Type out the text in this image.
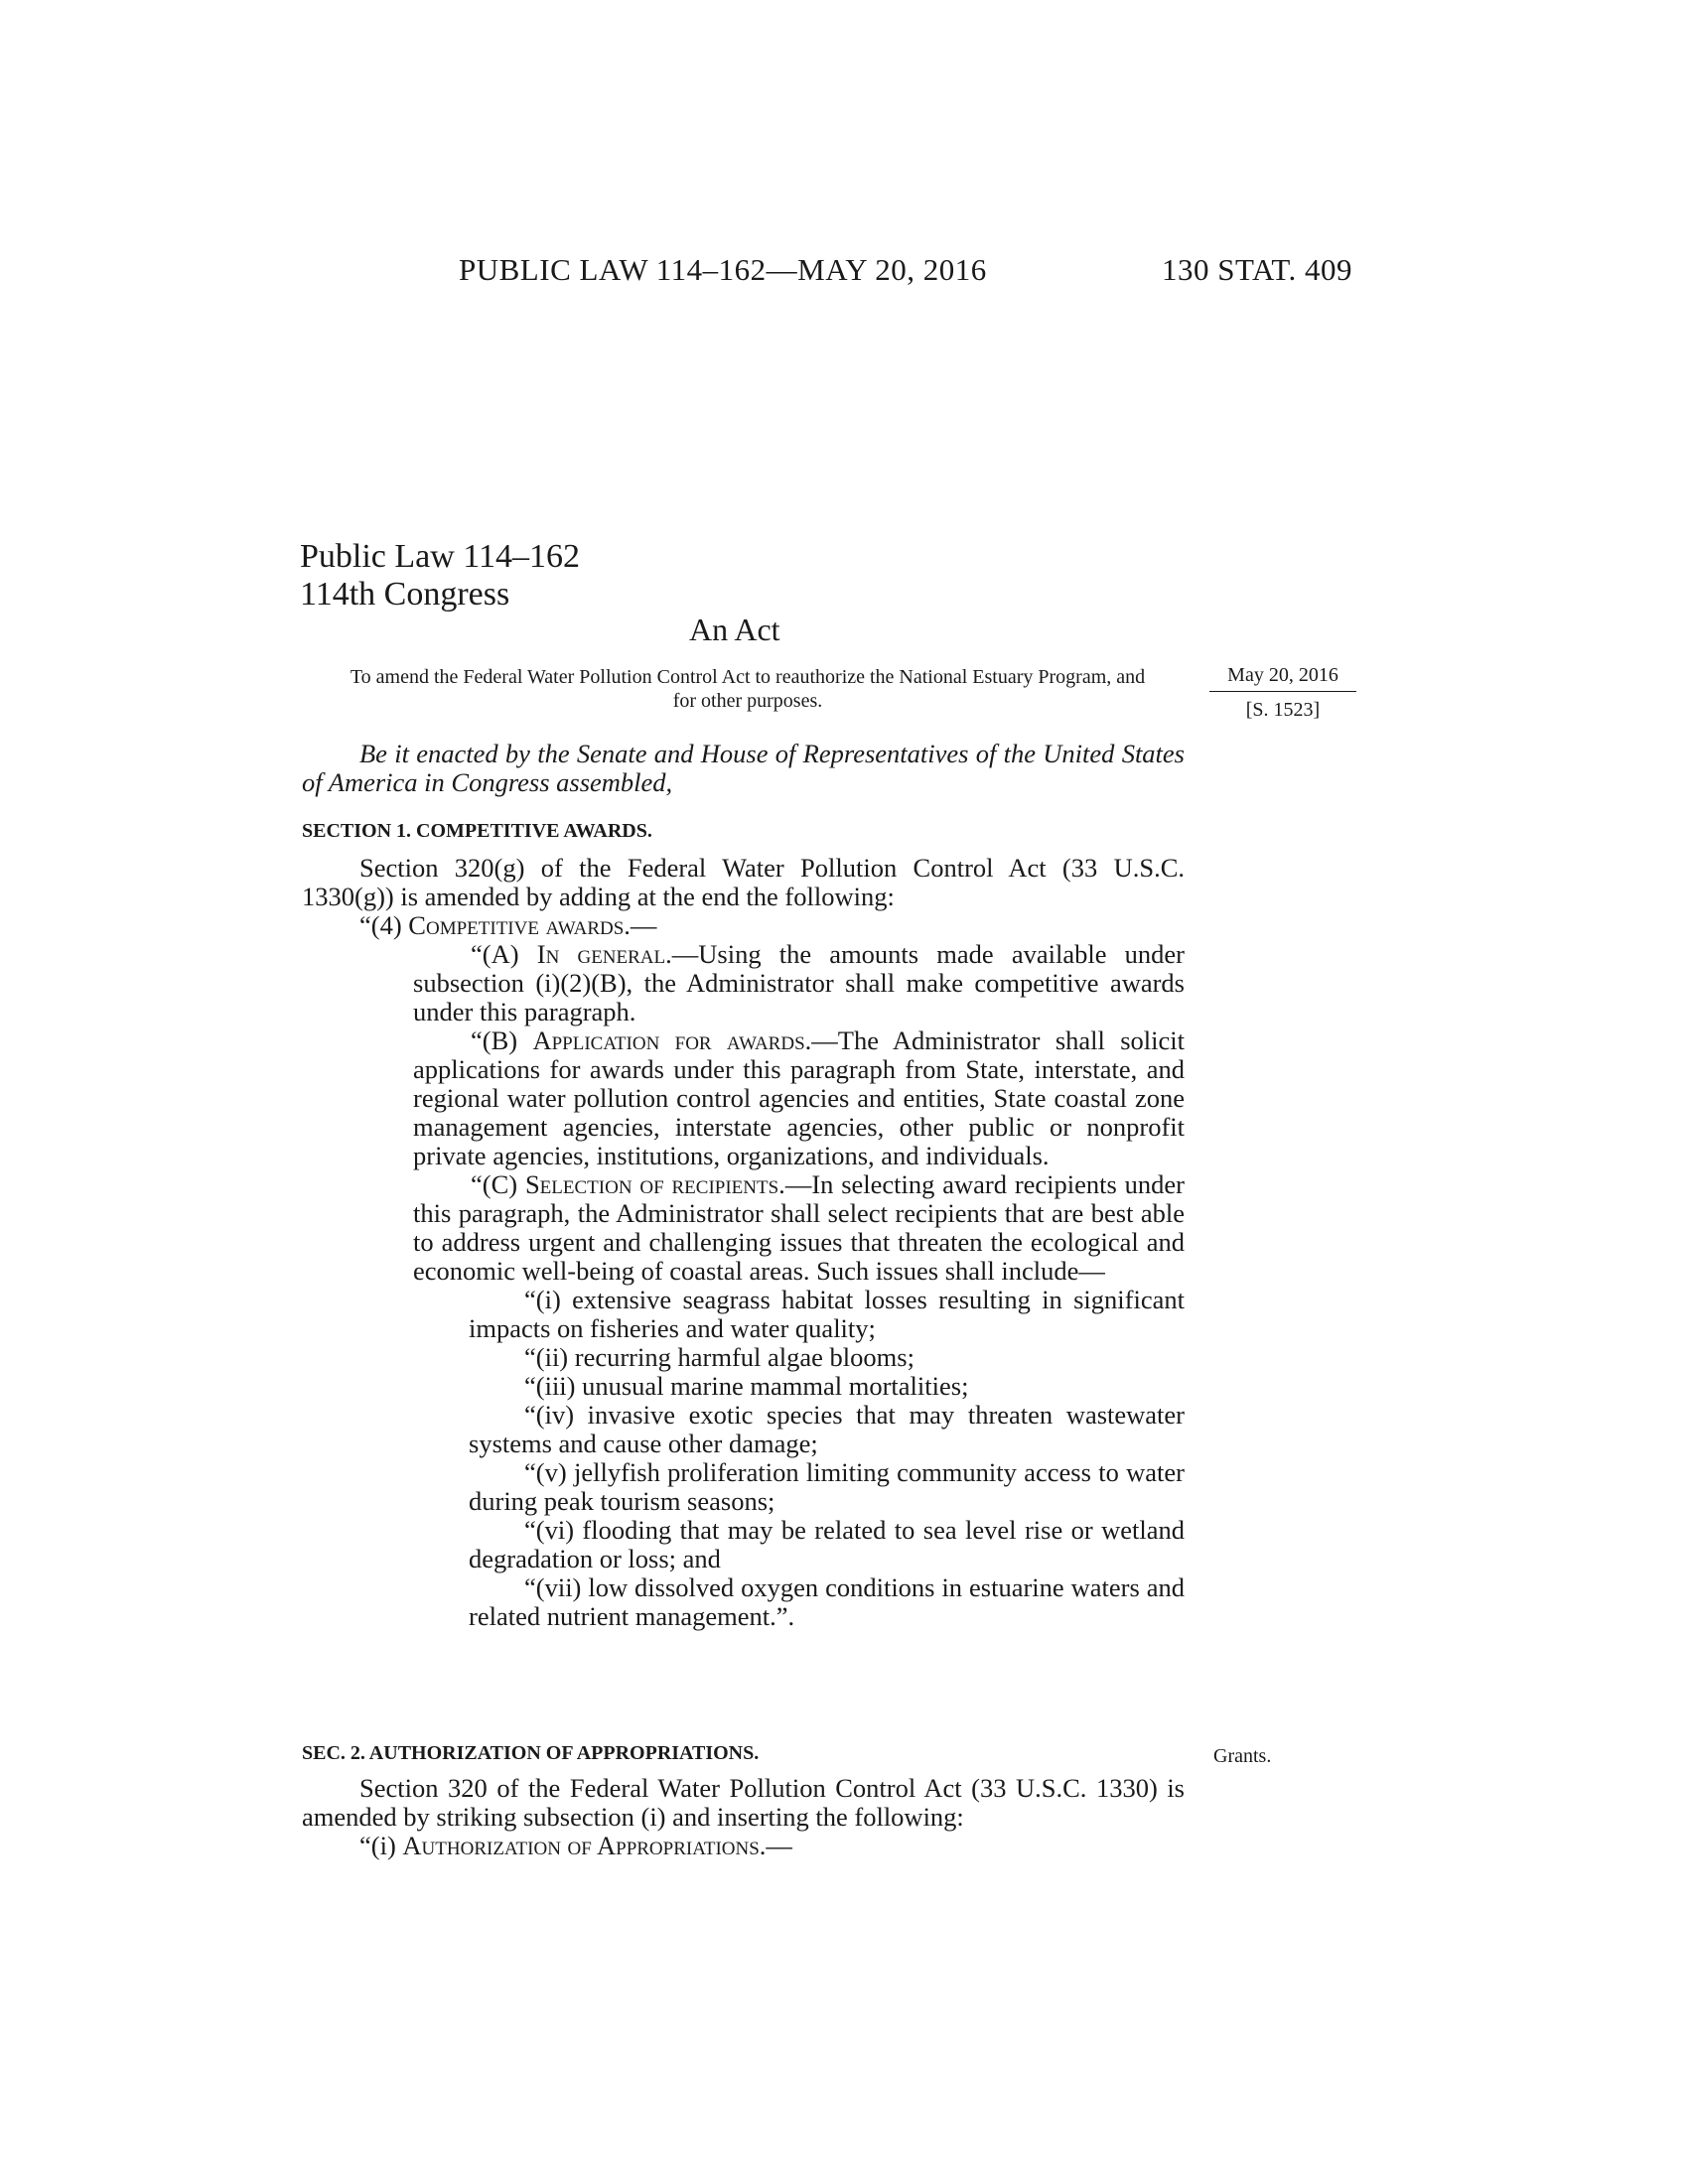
PUBLIC LAW 114–162—MAY 20, 2016	130 STAT. 409
Public Law 114–162
114th Congress
An Act
To amend the Federal Water Pollution Control Act to reauthorize the National Estuary Program, and for other purposes.
May 20, 2016
[S. 1523]
Be it enacted by the Senate and House of Representatives of the United States of America in Congress assembled,
SECTION 1. COMPETITIVE AWARDS.

Section 320(g) of the Federal Water Pollution Control Act (33 U.S.C. 1330(g)) is amended by adding at the end the following:

“(4) Competitive awards.—

“(A) In general.—Using the amounts made available under subsection (i)(2)(B), the Administrator shall make competitive awards under this paragraph.

“(B) Application for awards.—The Administrator shall solicit applications for awards under this paragraph from State, interstate, and regional water pollution control agencies and entities, State coastal zone management agencies, interstate agencies, other public or nonprofit private agencies, institutions, organizations, and individuals.

“(C) Selection of recipients.—In selecting award recipients under this paragraph, the Administrator shall select recipients that are best able to address urgent and challenging issues that threaten the ecological and economic well-being of coastal areas. Such issues shall include—

“(i) extensive seagrass habitat losses resulting in significant impacts on fisheries and water quality;

“(ii) recurring harmful algae blooms;

“(iii) unusual marine mammal mortalities;

“(iv) invasive exotic species that may threaten wastewater systems and cause other damage;

“(v) jellyfish proliferation limiting community access to water during peak tourism seasons;

“(vi) flooding that may be related to sea level rise or wetland degradation or loss; and

“(vii) low dissolved oxygen conditions in estuarine waters and related nutrient management.”.

SEC. 2. AUTHORIZATION OF APPROPRIATIONS.	Grants.

Section 320 of the Federal Water Pollution Control Act (33 U.S.C. 1330) is amended by striking subsection (i) and inserting the following:

“(i) Authorization of Appropriations.—
